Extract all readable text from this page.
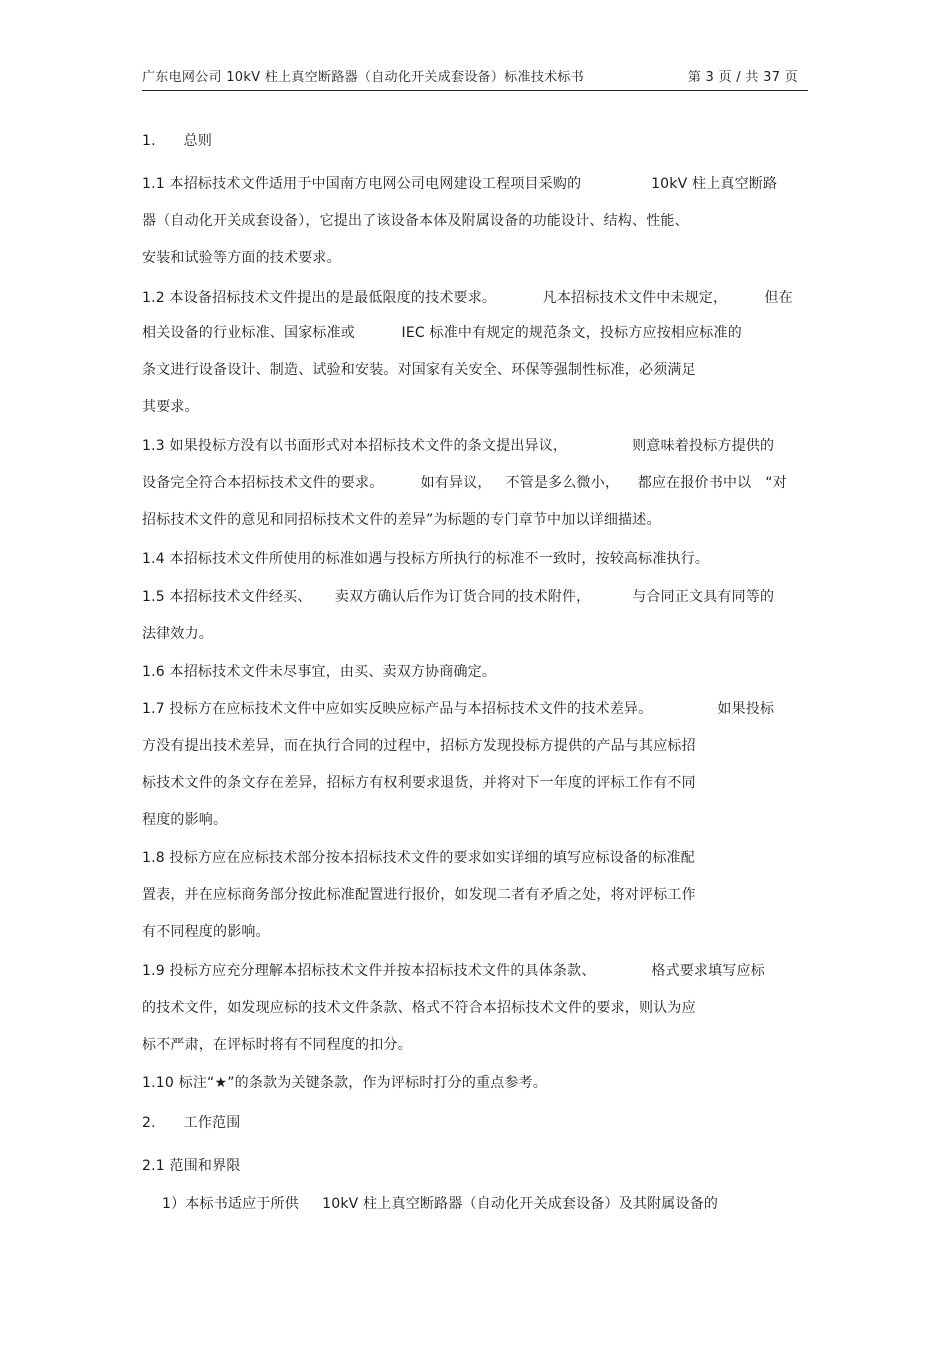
广东电网公司 10kV 柱上真空断路器（自动化开关成套设备）标准技术标书	第 3 页 / 共 37 页
1.      总则
1.1 本招标技术文件适用于中国南方电网公司电网建设工程项目采购的               10kV 柱上真空断路
器（自动化开关成套设备），它提出了该设备本体及附属设备的功能设计、结构、性能、
安装和试验等方面的技术要求。
1.2 本设备招标技术文件提出的是最低限度的技术要求。          凡本招标技术文件中未规定，        但在
相关设备的行业标准、国家标准或          IEC 标准中有规定的规范条文，投标方应按相应标准的
条文进行设备设计、制造、试验和安装。对国家有关安全、环保等强制性标准，必须满足
其要求。
1.3 如果投标方没有以书面形式对本招标技术文件的条文提出异议，              则意味着投标方提供的
设备完全符合本招标技术文件的要求。        如有异议，   不管是多么微小，    都应在报价书中以   “对
招标技术文件的意见和同招标技术文件的差异”为标题的专门章节中加以详细描述。
1.4 本招标技术文件所使用的标准如遇与投标方所执行的标准不一致时，按较高标准执行。
1.5 本招标技术文件经买、     卖双方确认后作为订货合同的技术附件，         与合同正文具有同等的
法律效力。
1.6 本招标技术文件未尽事宜，由买、卖双方协商确定。
1.7 投标方在应标技术文件中应如实反映应标产品与本招标技术文件的技术差异。              如果投标
方没有提出技术差异，而在执行合同的过程中，招标方发现投标方提供的产品与其应标招
标技术文件的条文存在差异，招标方有权利要求退货，并将对下一年度的评标工作有不同
程度的影响。
1.8 投标方应在应标技术部分按本招标技术文件的要求如实详细的填写应标设备的标准配
置表，并在应标商务部分按此标准配置进行报价，如发现二者有矛盾之处，将对评标工作
有不同程度的影响。
1.9 投标方应充分理解本招标技术文件并按本招标技术文件的具体条款、            格式要求填写应标
的技术文件，如发现应标的技术文件条款、格式不符合本招标技术文件的要求，则认为应
标不严肃，在评标时将有不同程度的扣分。
1.10 标注“★”的条款为关键条款，作为评标时打分的重点参考。
2.      工作范围
2.1 范围和界限
1）本标书适应于所供     10kV 柱上真空断路器（自动化开关成套设备）及其附属设备的
